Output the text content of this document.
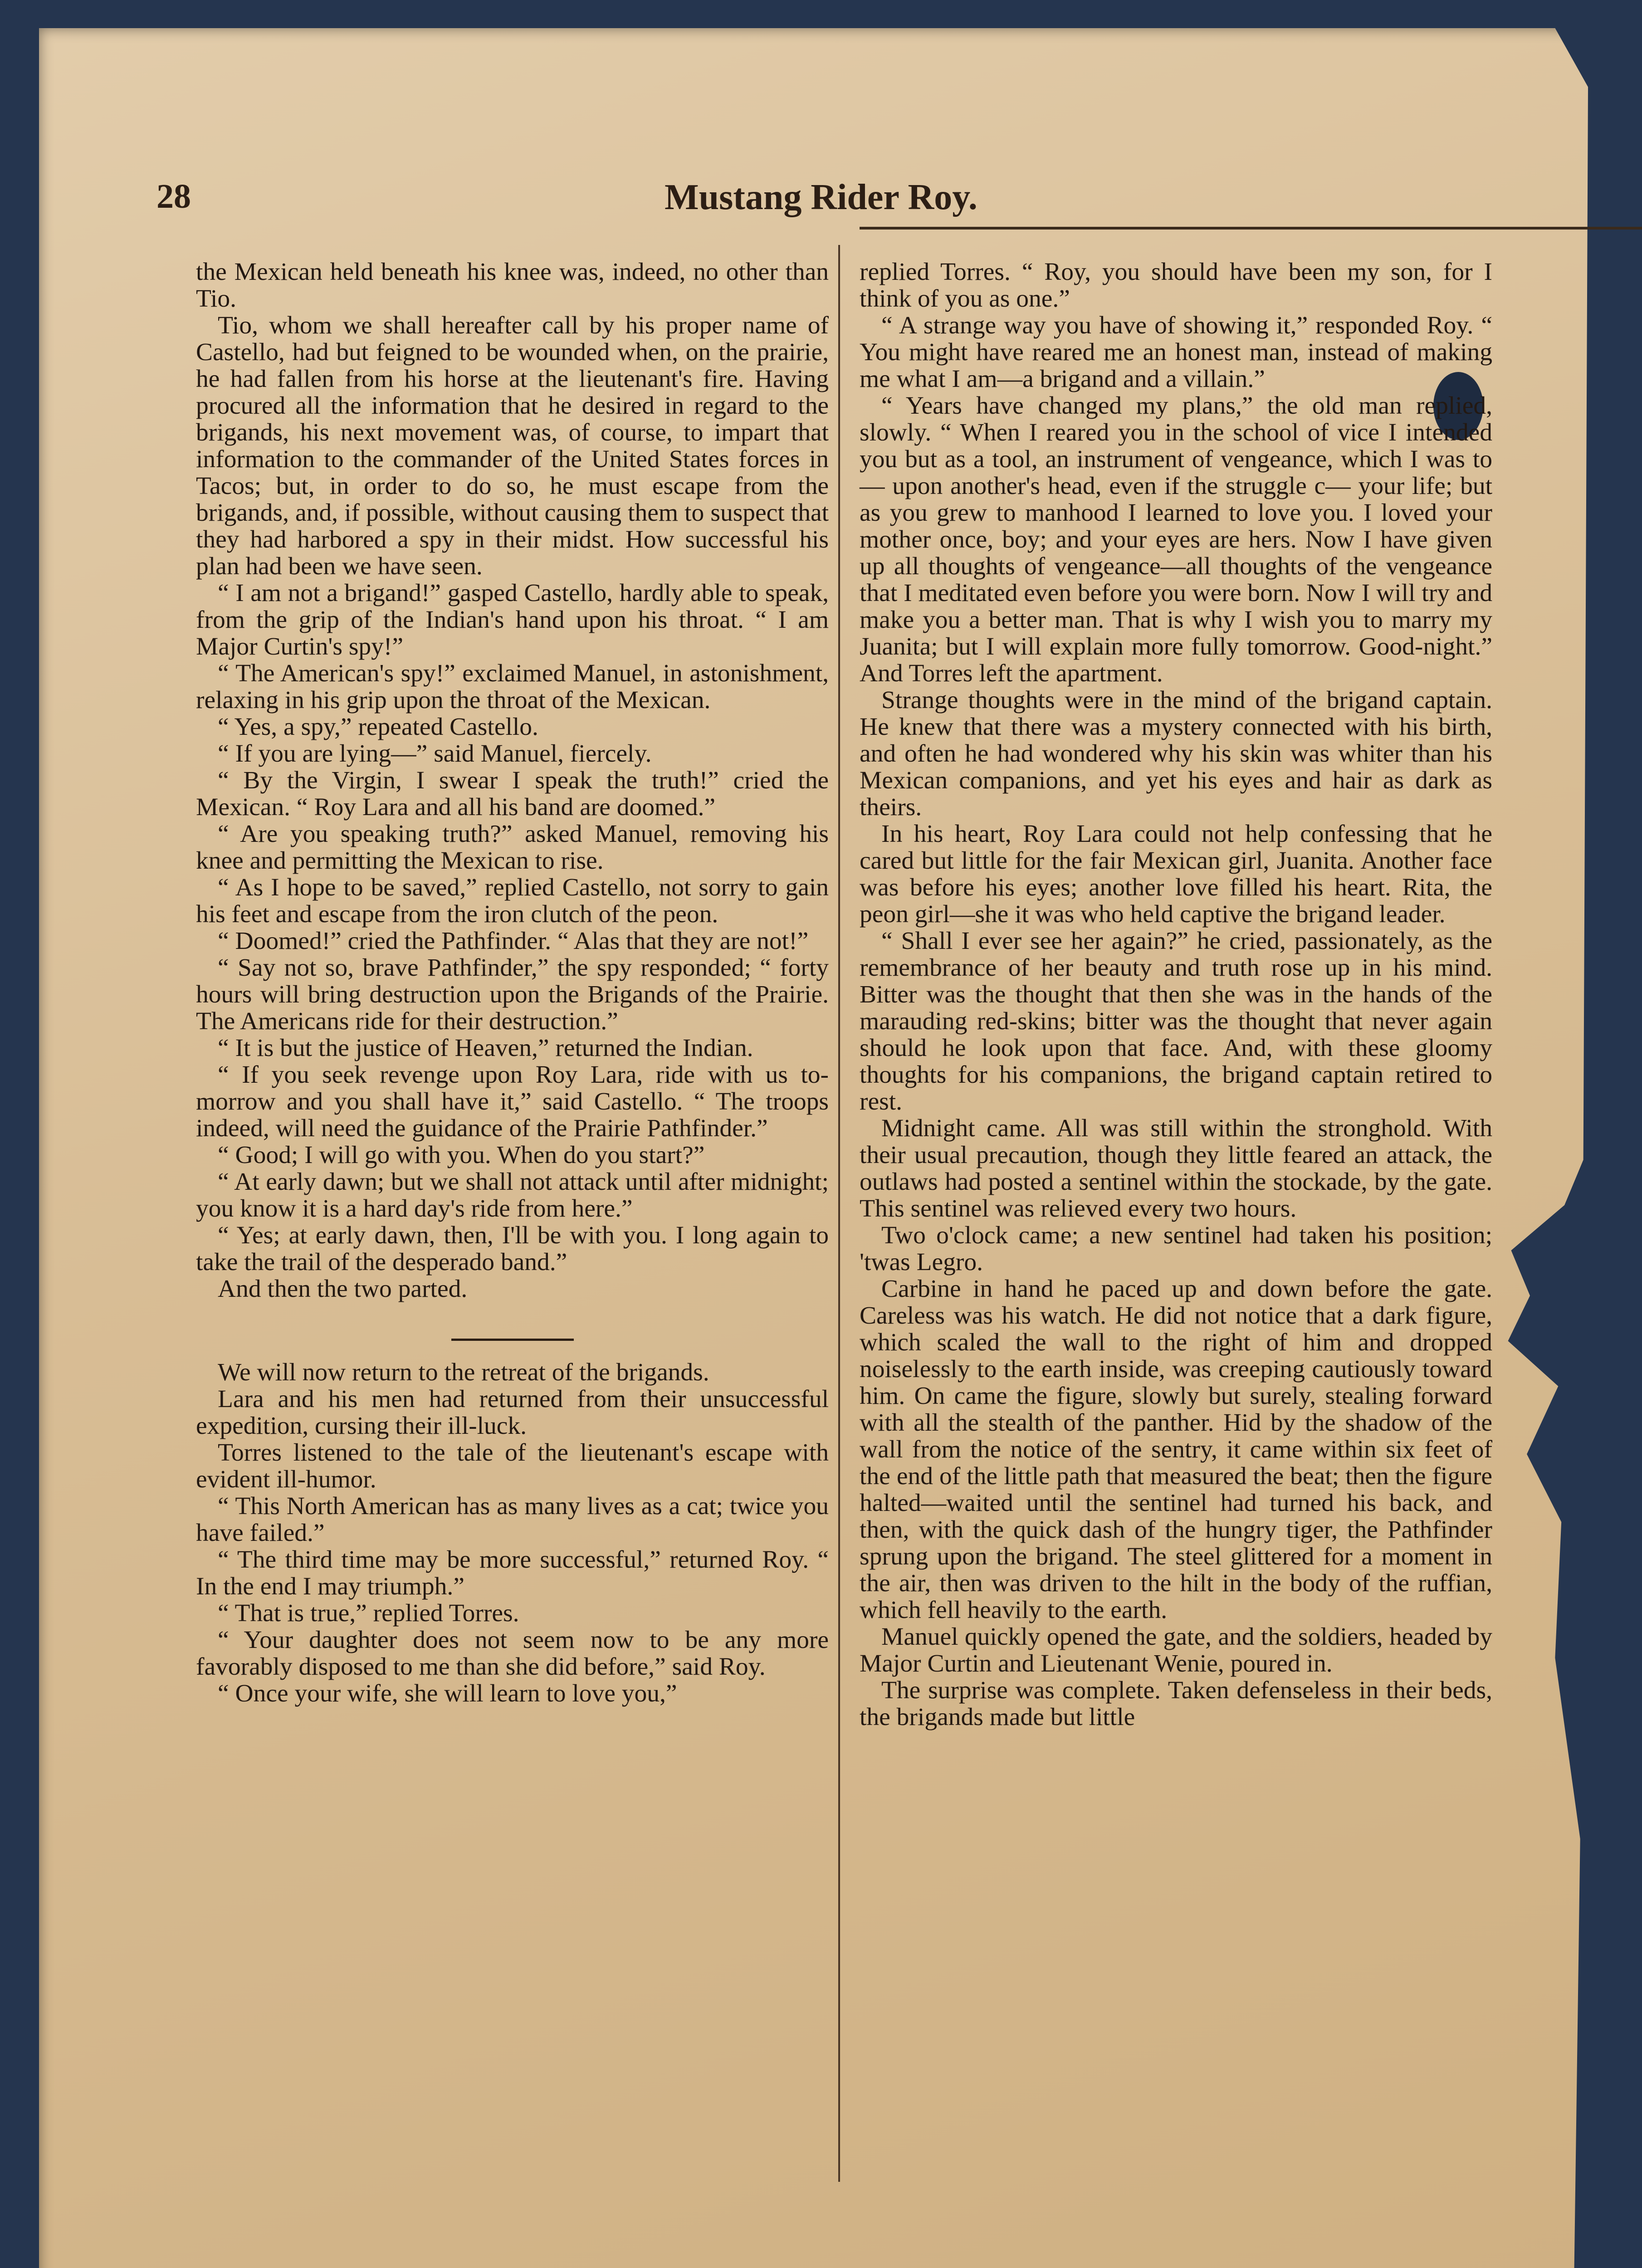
28	Mustang Rider Roy.

the Mexican held beneath his knee was, indeed, no other than Tio.

Tio, whom we shall hereafter call by his proper name of Castello, had but feigned to be wounded when, on the prairie, he had fallen from his horse at the lieutenant's fire. Having procured all the information that he desired in regard to the brigands, his next movement was, of course, to impart that information to the commander of the United States forces in Tacos; but, in order to do so, he must escape from the brigands, and, if possible, without causing them to suspect that they had harbored a spy in their midst. How successful his plan had been we have seen.

“ I am not a brigand!” gasped Castello, hardly able to speak, from the grip of the Indian's hand upon his throat. “ I am Major Curtin's spy!”

“ The American's spy!” exclaimed Manuel, in astonishment, relaxing in his grip upon the throat of the Mexican.

“ Yes, a spy,” repeated Castello.

“ If you are lying—” said Manuel, fiercely.

“ By the Virgin, I swear I speak the truth!” cried the Mexican. “ Roy Lara and all his band are doomed.”

“ Are you speaking truth?” asked Manuel, removing his knee and permitting the Mexican to rise.

“ As I hope to be saved,” replied Castello, not sorry to gain his feet and escape from the iron clutch of the peon.

“ Doomed!” cried the Pathfinder. “ Alas that they are not!”

“ Say not so, brave Pathfinder,” the spy responded; “ forty hours will bring destruction upon the Brigands of the Prairie. The Americans ride for their destruction.”

“ It is but the justice of Heaven,” returned the Indian.

“ If you seek revenge upon Roy Lara, ride with us to-morrow and you shall have it,” said Castello. “ The troops indeed, will need the guidance of the Prairie Pathfinder.”

“ Good; I will go with you. When do you start?”

“ At early dawn; but we shall not attack until after midnight; you know it is a hard day's ride from here.”

“ Yes; at early dawn, then, I'll be with you. I long again to take the trail of the desperado band.”

And then the two parted.

We will now return to the retreat of the brigands.

Lara and his men had returned from their unsuccessful expedition, cursing their ill-luck.

Torres listened to the tale of the lieutenant's escape with evident ill-humor.

“ This North American has as many lives as a cat; twice you have failed.”

“ The third time may be more successful,” returned Roy. “ In the end I may triumph.”

“ That is true,” replied Torres.

“ Your daughter does not seem now to be any more favorably disposed to me than she did before,” said Roy.

“ Once your wife, she will learn to love you,”

replied Torres. “ Roy, you should have been my son, for I think of you as one.”

“ A strange way you have of showing it,” responded Roy. “ You might have reared me an honest man, instead of making me what I am—a brigand and a villain.”

“ Years have changed my plans,” the old man replied, slowly. “ When I reared you in the school of vice I intended you but as a tool, an instrument of vengeance, which I was to — upon another's head, even if the struggle c— your life; but as you grew to manhood I learned to love you. I loved your mother once, boy; and your eyes are hers. Now I have given up all thoughts of vengeance—all thoughts of the vengeance that I meditated even before you were born. Now I will try and make you a better man. That is why I wish you to marry my Juanita; but I will explain more fully tomorrow. Good-night.” And Torres left the apartment.

Strange thoughts were in the mind of the brigand captain. He knew that there was a mystery connected with his birth, and often he had wondered why his skin was whiter than his Mexican companions, and yet his eyes and hair as dark as theirs.

In his heart, Roy Lara could not help confessing that he cared but little for the fair Mexican girl, Juanita. Another face was before his eyes; another love filled his heart. Rita, the peon girl—she it was who held captive the brigand leader.

“ Shall I ever see her again?” he cried, passionately, as the remembrance of her beauty and truth rose up in his mind. Bitter was the thought that then she was in the hands of the marauding red-skins; bitter was the thought that never again should he look upon that face. And, with these gloomy thoughts for his companions, the brigand captain retired to rest.

Midnight came. All was still within the stronghold. With their usual precaution, though they little feared an attack, the outlaws had posted a sentinel within the stockade, by the gate. This sentinel was relieved every two hours.

Two o'clock came; a new sentinel had taken his position; 'twas Legro.

Carbine in hand he paced up and down before the gate. Careless was his watch. He did not notice that a dark figure, which scaled the wall to the right of him and dropped noiselessly to the earth inside, was creeping cautiously toward him. On came the figure, slowly but surely, stealing forward with all the stealth of the panther. Hid by the shadow of the wall from the notice of the sentry, it came within six feet of the end of the little path that measured the beat; then the figure halted—waited until the sentinel had turned his back, and then, with the quick dash of the hungry tiger, the Pathfinder sprung upon the brigand. The steel glittered for a moment in the air, then was driven to the hilt in the body of the ruffian, which fell heavily to the earth.

Manuel quickly opened the gate, and the soldiers, headed by Major Curtin and Lieutenant Wenie, poured in.

The surprise was complete. Taken defenseless in their beds, the brigands made but little
